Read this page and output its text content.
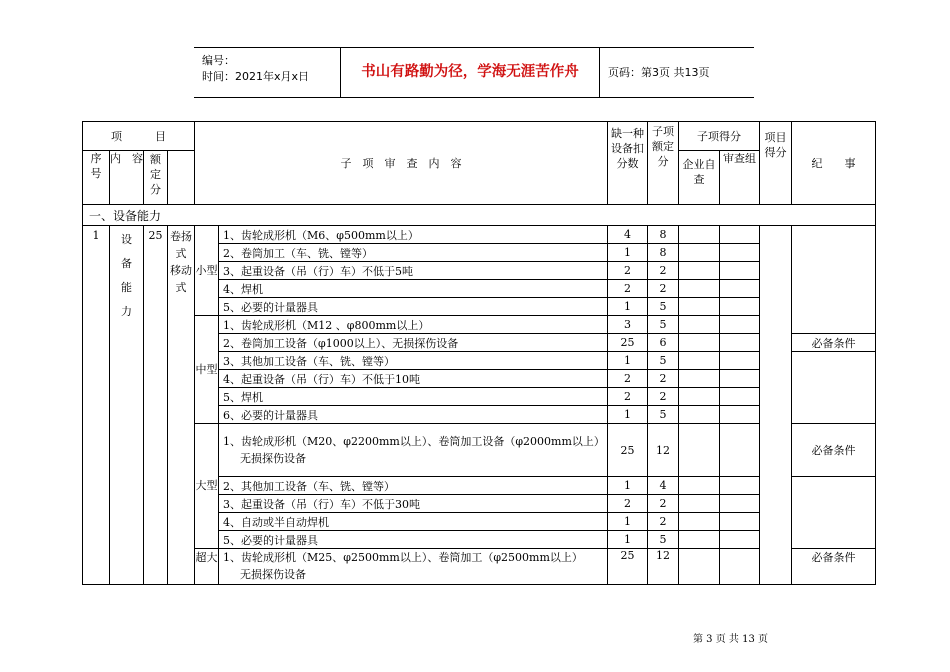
编号：
时间：2021年x月x日	书山有路勤为径，学海无涯苦作舟	页码：第3页 共13页
项　　　目				子　项　审　查　内　容		缺一种设备扣分数	子项额定分	子项得分		项目得分	纪　　事
序　号	内　容	额　定　分						企业自查	审查组		

一、设备能力											
1	设　　备　　能　　力	25	卷扬式　移动式	小型	1、齿轮成形机（M6、φ500mm以上）	4	8				
					2、卷筒加工（车、铣、镗等）	1	8				
					3、起重设备（吊（行）车）不低于5吨	2	2				
					4、焊机	2	2				
					5、必要的计量器具	1	5				
				中型	1、齿轮成形机（M12 、φ800mm以上）	3	5				
					2、卷筒加工设备（φ1000以上）、无损探伤设备	25	6				必备条件
					3、其他加工设备（车、铣、镗等）	1	5				
					4、起重设备（吊（行）车）不低于10吨	2	2				
					5、焊机	2	2				
					6、必要的计量器具	1	5				
				大型	1、齿轮成形机（M20、φ2200mm以上）、卷筒加工设备（φ2000mm以上）
无损探伤设备	25	12				必备条件
					2、其他加工设备（车、铣、镗等）	1	4				
					3、起重设备（吊（行）车）不低于30吨	2	2				
					4、自动或半自动焊机	1	2				
					5、必要的计量器具	1	5				
				超大	1、齿轮成形机（M25、φ2500mm以上）、卷筒加工（φ2500mm以上）
无损探伤设备	25	12				必备条件
第 3 页 共 13 页
